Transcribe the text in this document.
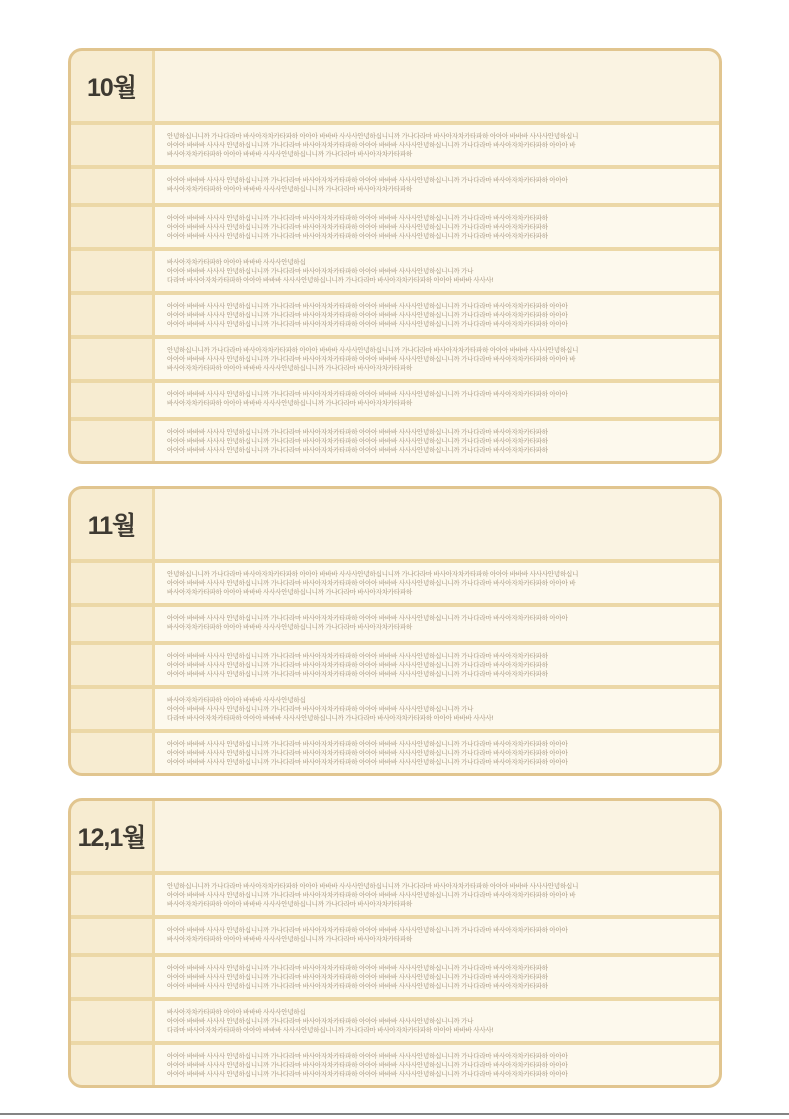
10월
안녕하십니니까 가나다라마 바사아자차카타파하 아아아 바바바 사사사안녕하십니니까 가나다라마 바사아자차카타파하 아아아 바바바 사사사안녕하십니
아아아 바바바 사사사 안녕하십니니까 가나다라마 바사아자차카타파하 아아아 바바바 사사사안녕하십니니까 가나다라마 바사아자차카타파하 아아아 바
바사아자차카타파하 아아아 바바바 사사사안녕하십니니까 가나다라마 바사아자차카타파하
아아아 바바바 사사사 안녕하십니니까 가나다라마 바사아자차카타파하 아아아 바바바 사사사안녕하십니니까 가나다라마 바사아자차카타파하 아아아
바사아자차카타파하 아아아 바바바 사사사안녕하십니니까 가나다라마 바사아자차카타파하
아아아 바바바 사사사 안녕하십니니까 가나다라마 바사아자차카타파하 아아아 바바바 사사사안녕하십니니까 가나다라마 바사아자차카타파하
아아아 바바바 사사사 안녕하십니니까 가나다라마 바사아자차카타파하 아아아 바바바 사사사안녕하십니니까 가나다라마 바사아자차카타파하
아아아 바바바 사사사 안녕하십니니까 가나다라마 바사아자차카타파하 아아아 바바바 사사사안녕하십니니까 가나다라마 바사아자차카타파하
바사아자차카타파하 아아아 바바바 사사사안녕하십
아아아 바바바 사사사 안녕하십니니까 가나다라마 바사아자차카타파하 아아아 바바바 사사사안녕하십니니까 가나
다라마 바사아자차카타파하 아아아 바바바 사사사안녕하십니니까 가나다라마 바사아자차카타파하 아아아 바바바 사사사!
아아아 바바바 사사사 안녕하십니니까 가나다라마 바사아자차카타파하 아아아 바바바 사사사안녕하십니니까 가나다라마 바사아자차카타파하 아아아
아아아 바바바 사사사 안녕하십니니까 가나다라마 바사아자차카타파하 아아아 바바바 사사사안녕하십니니까 가나다라마 바사아자차카타파하 아아아
아아아 바바바 사사사 안녕하십니니까 가나다라마 바사아자차카타파하 아아아 바바바 사사사안녕하십니니까 가나다라마 바사아자차카타파하 아아아
안녕하십니니까 가나다라마 바사아자차카타파하 아아아 바바바 사사사안녕하십니니까 가나다라마 바사아자차카타파하 아아아 바바바 사사사안녕하십니
아아아 바바바 사사사 안녕하십니니까 가나다라마 바사아자차카타파하 아아아 바바바 사사사안녕하십니니까 가나다라마 바사아자차카타파하 아아아 바
바사아자차카타파하 아아아 바바바 사사사안녕하십니니까 가나다라마 바사아자차카타파하
아아아 바바바 사사사 안녕하십니니까 가나다라마 바사아자차카타파하 아아아 바바바 사사사안녕하십니니까 가나다라마 바사아자차카타파하 아아아
바사아자차카타파하 아아아 바바바 사사사안녕하십니니까 가나다라마 바사아자차카타파하
아아아 바바바 사사사 안녕하십니니까 가나다라마 바사아자차카타파하 아아아 바바바 사사사안녕하십니니까 가나다라마 바사아자차카타파하
아아아 바바바 사사사 안녕하십니니까 가나다라마 바사아자차카타파하 아아아 바바바 사사사안녕하십니니까 가나다라마 바사아자차카타파하
아아아 바바바 사사사 안녕하십니니까 가나다라마 바사아자차카타파하 아아아 바바바 사사사안녕하십니니까 가나다라마 바사아자차카타파하
11월
안녕하십니니까 가나다라마 바사아자차카타파하 아아아 바바바 사사사안녕하십니니까 가나다라마 바사아자차카타파하 아아아 바바바 사사사안녕하십니
아아아 바바바 사사사 안녕하십니니까 가나다라마 바사아자차카타파하 아아아 바바바 사사사안녕하십니니까 가나다라마 바사아자차카타파하 아아아 바
바사아자차카타파하 아아아 바바바 사사사안녕하십니니까 가나다라마 바사아자차카타파하
아아아 바바바 사사사 안녕하십니니까 가나다라마 바사아자차카타파하 아아아 바바바 사사사안녕하십니니까 가나다라마 바사아자차카타파하 아아아
바사아자차카타파하 아아아 바바바 사사사안녕하십니니까 가나다라마 바사아자차카타파하
아아아 바바바 사사사 안녕하십니니까 가나다라마 바사아자차카타파하 아아아 바바바 사사사안녕하십니니까 가나다라마 바사아자차카타파하
아아아 바바바 사사사 안녕하십니니까 가나다라마 바사아자차카타파하 아아아 바바바 사사사안녕하십니니까 가나다라마 바사아자차카타파하
아아아 바바바 사사사 안녕하십니니까 가나다라마 바사아자차카타파하 아아아 바바바 사사사안녕하십니니까 가나다라마 바사아자차카타파하
바사아자차카타파하 아아아 바바바 사사사안녕하십
아아아 바바바 사사사 안녕하십니니까 가나다라마 바사아자차카타파하 아아아 바바바 사사사안녕하십니니까 가나
다라마 바사아자차카타파하 아아아 바바바 사사사안녕하십니니까 가나다라마 바사아자차카타파하 아아아 바바바 사사사!
아아아 바바바 사사사 안녕하십니니까 가나다라마 바사아자차카타파하 아아아 바바바 사사사안녕하십니니까 가나다라마 바사아자차카타파하 아아아
아아아 바바바 사사사 안녕하십니니까 가나다라마 바사아자차카타파하 아아아 바바바 사사사안녕하십니니까 가나다라마 바사아자차카타파하 아아아
아아아 바바바 사사사 안녕하십니니까 가나다라마 바사아자차카타파하 아아아 바바바 사사사안녕하십니니까 가나다라마 바사아자차카타파하 아아아
12,1월
안녕하십니니까 가나다라마 바사아자차카타파하 아아아 바바바 사사사안녕하십니니까 가나다라마 바사아자차카타파하 아아아 바바바 사사사안녕하십니
아아아 바바바 사사사 안녕하십니니까 가나다라마 바사아자차카타파하 아아아 바바바 사사사안녕하십니니까 가나다라마 바사아자차카타파하 아아아 바
바사아자차카타파하 아아아 바바바 사사사안녕하십니니까 가나다라마 바사아자차카타파하
아아아 바바바 사사사 안녕하십니니까 가나다라마 바사아자차카타파하 아아아 바바바 사사사안녕하십니니까 가나다라마 바사아자차카타파하 아아아
바사아자차카타파하 아아아 바바바 사사사안녕하십니니까 가나다라마 바사아자차카타파하
아아아 바바바 사사사 안녕하십니니까 가나다라마 바사아자차카타파하 아아아 바바바 사사사안녕하십니니까 가나다라마 바사아자차카타파하
아아아 바바바 사사사 안녕하십니니까 가나다라마 바사아자차카타파하 아아아 바바바 사사사안녕하십니니까 가나다라마 바사아자차카타파하
아아아 바바바 사사사 안녕하십니니까 가나다라마 바사아자차카타파하 아아아 바바바 사사사안녕하십니니까 가나다라마 바사아자차카타파하
바사아자차카타파하 아아아 바바바 사사사안녕하십
아아아 바바바 사사사 안녕하십니니까 가나다라마 바사아자차카타파하 아아아 바바바 사사사안녕하십니니까 가나
다라마 바사아자차카타파하 아아아 바바바 사사사안녕하십니니까 가나다라마 바사아자차카타파하 아아아 바바바 사사사!
아아아 바바바 사사사 안녕하십니니까 가나다라마 바사아자차카타파하 아아아 바바바 사사사안녕하십니니까 가나다라마 바사아자차카타파하 아아아
아아아 바바바 사사사 안녕하십니니까 가나다라마 바사아자차카타파하 아아아 바바바 사사사안녕하십니니까 가나다라마 바사아자차카타파하 아아아
아아아 바바바 사사사 안녕하십니니까 가나다라마 바사아자차카타파하 아아아 바바바 사사사안녕하십니니까 가나다라마 바사아자차카타파하 아아아
